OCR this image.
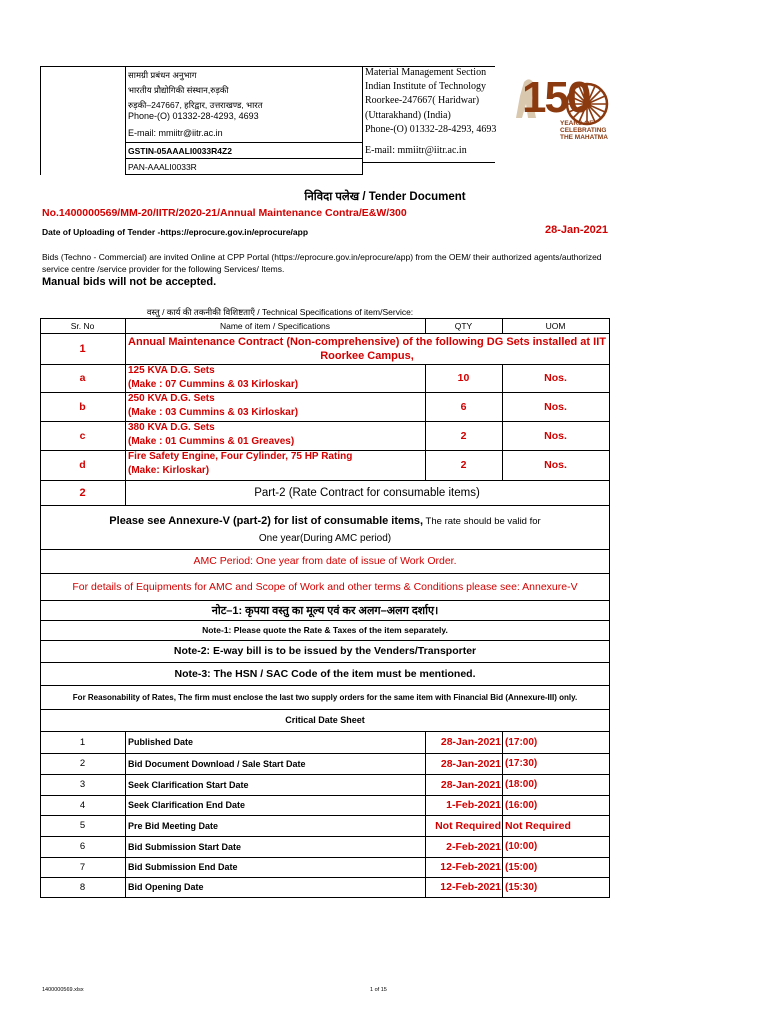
सामग्री प्रबंधन अनुभाग
भारतीय प्रौद्योगिकी संस्थान,रुड़की
रुड़की–247667, हरिद्वार, उत्तराखण्ड, भारत
Phone-(O) 01332-28-4293, 4693
E-mail: mmiitr@iitr.ac.in
GSTIN-05AAALI0033R4Z2
PAN-AAALI0033R
Material Management Section
Indian Institute of Technology
Roorkee-247667( Haridwar)
(Uttarakhand) (India)
Phone-(O) 01332-28-4293, 4693
E-mail: mmiitr@iitr.ac.in
150
YEARS OF
CELEBRATING
THE MAHATMA
निविदा पलेख / Tender Document
No.1400000569/MM-20/IITR/2020-21/Annual Maintenance Contra/E&W/300
Date of Uploading of Tender -https://eprocure.gov.in/eprocure/app	28-Jan-2021
Bids (Techno - Commercial) are invited Online at CPP Portal (https://eprocure.gov.in/eprocure/app) from the OEM/ their authorized agents/authorized service centre /service provider for the following Services/ Items.
Manual bids will not be accepted.
वस्तु / कार्य की तकनीकी विशिष्टताएँ / Technical Specifications of item/Service:
Sr. No	Name of item / Specifications	QTY	UOM
1
Annual Maintenance Contract (Non-comprehensive) of the following DG Sets installed at IIT Roorkee Campus,
a
125 KVA D.G. Sets
(Make : 07 Cummins & 03 Kirloskar)	10	Nos.
b
250 KVA D.G. Sets
(Make : 03 Cummins & 03 Kirloskar)	6	Nos.
c
380 KVA D.G. Sets
(Make : 01 Cummins & 01 Greaves)	2	Nos.
d
Fire Safety Engine, Four Cylinder, 75 HP Rating
(Make: Kirloskar)	2	Nos.
2	Part-2 (Rate Contract for consumable items)
Please see Annexure-V (part-2) for list of consumable items, The rate should be valid for
One year(During AMC period)
AMC Period: One year from date of issue of Work Order.
For details of Equipments for AMC and Scope of Work and other terms & Conditions please see: Annexure-V
नोट–1: कृपया वस्तु का मूल्य एवं कर अलग–अलग दर्शाए।
Note-1: Please quote the Rate & Taxes of the item separately.
Note-2: E-way bill is to be issued by the Venders/Transporter
Note-3: The HSN / SAC Code of the item must be mentioned.
For Reasonability of Rates, The firm must enclose the last two supply orders for the same item with Financial Bid (Annexure-III) only.
Critical Date Sheet
1	Published Date	28-Jan-2021 (17:00)
2	Bid Document Download / Sale Start Date	28-Jan-2021 (17:30)
3	Seek Clarification Start Date	28-Jan-2021 (18:00)
4	Seek Clarification End Date	1-Feb-2021 (16:00)
5	Pre Bid Meeting Date	Not Required Not Required
6	Bid Submission Start Date	2-Feb-2021 (10:00)
7	Bid Submission End Date	12-Feb-2021 (15:00)
8	Bid Opening Date	12-Feb-2021 (15:30)
1400000569.xlsx	1 of 15
